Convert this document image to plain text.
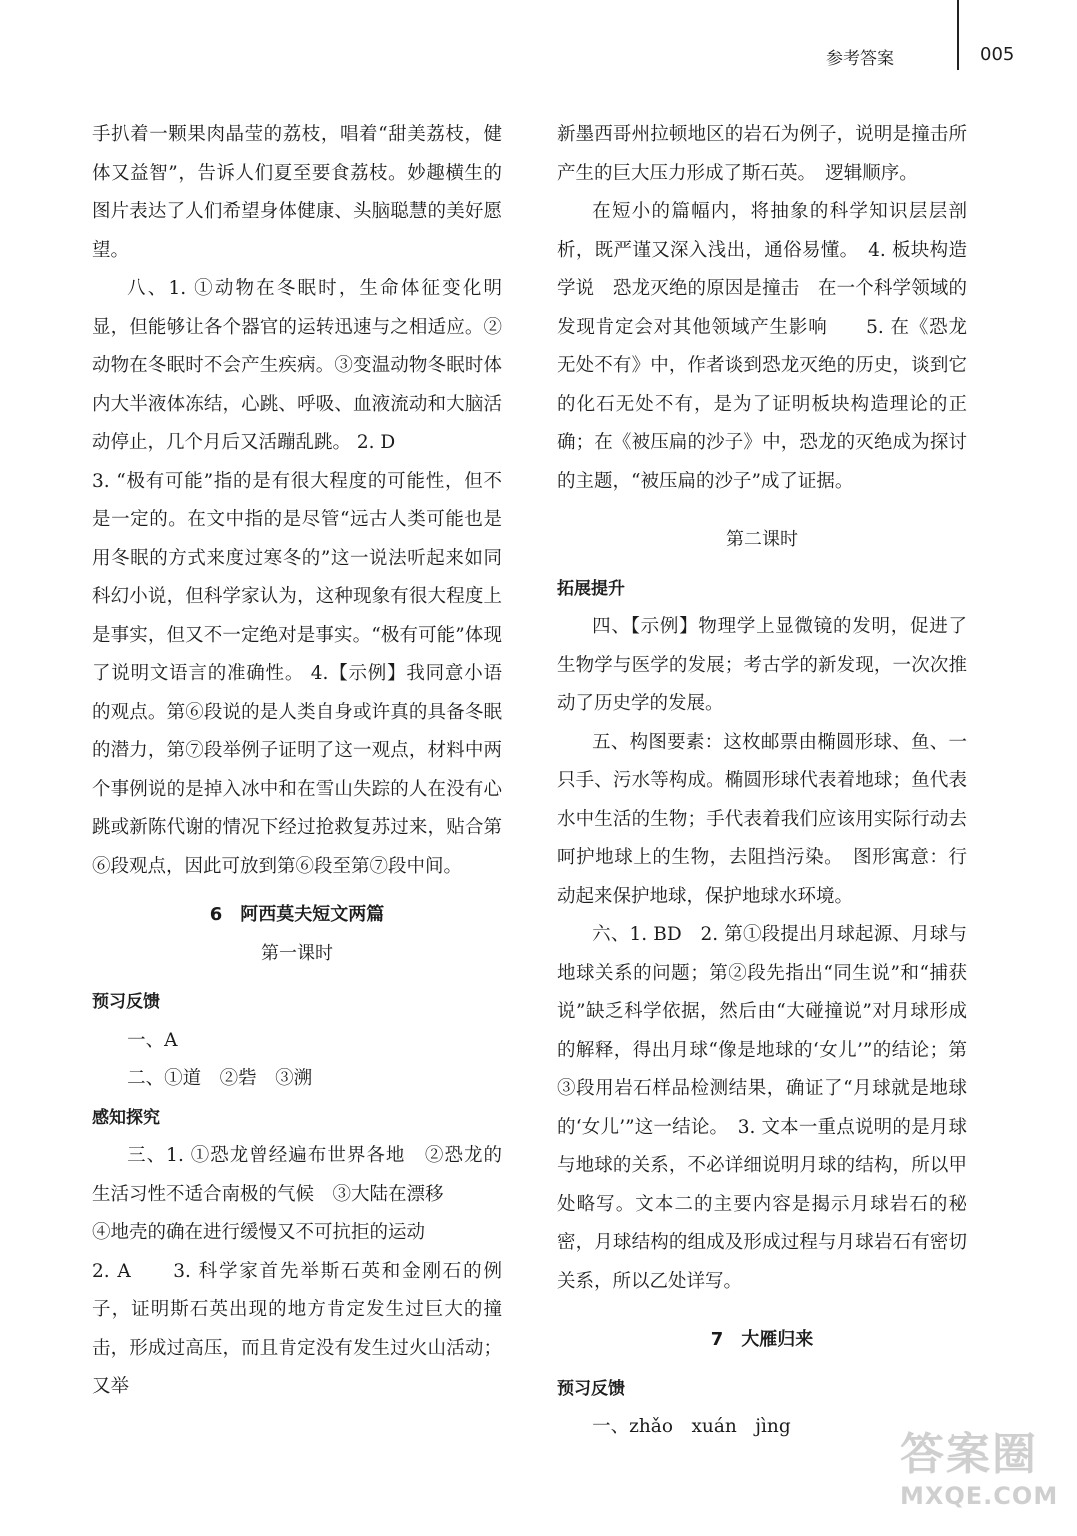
参考答案	005

手扒着一颗果肉晶莹的荔枝，唱着“甜美荔枝，健体又益智”，告诉人们夏至要食荔枝。妙趣横生的图片表达了人们希望身体健康、头脑聪慧的美好愿望。

八、1. ①动物在冬眠时，生命体征变化明显，但能够让各个器官的运转迅速与之相适应。②动物在冬眠时不会产生疾病。③变温动物冬眠时体内大半液体冻结，心跳、呼吸、血液流动和大脑活动停止，几个月后又活蹦乱跳。 2. D

3. “极有可能”指的是有很大程度的可能性，但不是一定的。在文中指的是尽管“远古人类可能也是用冬眠的方式来度过寒冬的”这一说法听起来如同科幻小说，但科学家认为，这种现象有很大程度上是事实，但又不一定绝对是事实。“极有可能”体现了说明文语言的准确性。 4.【示例】我同意小语的观点。第⑥段说的是人类自身或许真的具备冬眠的潜力，第⑦段举例子证明了这一观点，材料中两个事例说的是掉入冰中和在雪山失踪的人在没有心跳或新陈代谢的情况下经过抢救复苏过来，贴合第⑥段观点，因此可放到第⑥段至第⑦段中间。

6　阿西莫夫短文两篇

第一课时

预习反馈

一、A

二、①道　②砦　③溯

感知探究

三、1. ①恐龙曾经遍布世界各地　②恐龙的生活习性不适合南极的气候　③大陆在漂移

④地壳的确在进行缓慢又不可抗拒的运动

2. A　　3. 科学家首先举斯石英和金刚石的例子，证明斯石英出现的地方肯定发生过巨大的撞击，形成过高压，而且肯定没有发生过火山活动；又举

新墨西哥州拉顿地区的岩石为例子，说明是撞击所产生的巨大压力形成了斯石英。　逻辑顺序。

在短小的篇幅内，将抽象的科学知识层层剖析，既严谨又深入浅出，通俗易懂。　4. 板块构造学说　恐龙灭绝的原因是撞击　在一个科学领域的发现肯定会对其他领域产生影响　　5. 在《恐龙无处不有》中，作者谈到恐龙灭绝的历史，谈到它的化石无处不有，是为了证明板块构造理论的正确；在《被压扁的沙子》中，恐龙的灭绝成为探讨的主题，“被压扁的沙子”成了证据。

第二课时

拓展提升

四、【示例】物理学上显微镜的发明，促进了生物学与医学的发展；考古学的新发现，一次次推动了历史学的发展。

五、构图要素：这枚邮票由椭圆形球、鱼、一只手、污水等构成。椭圆形球代表着地球；鱼代表水中生活的生物；手代表着我们应该用实际行动去呵护地球上的生物，去阻挡污染。　图形寓意：行动起来保护地球，保护地球水环境。

六、1. BD　2. 第①段提出月球起源、月球与地球关系的问题；第②段先指出“同生说”和“捕获说”缺乏科学依据，然后由“大碰撞说”对月球形成的解释，得出月球“像是地球的‘女儿’”的结论；第③段用岩石样品检测结果，确证了“月球就是地球的‘女儿’”这一结论。　3. 文本一重点说明的是月球与地球的关系，不必详细说明月球的结构，所以甲处略写。文本二的主要内容是揭示月球岩石的秘密，月球结构的组成及形成过程与月球岩石有密切关系，所以乙处详写。

7　大雁归来

预习反馈

一、zhǎo　xuán　jìng

答案圈
MXQE.COM
